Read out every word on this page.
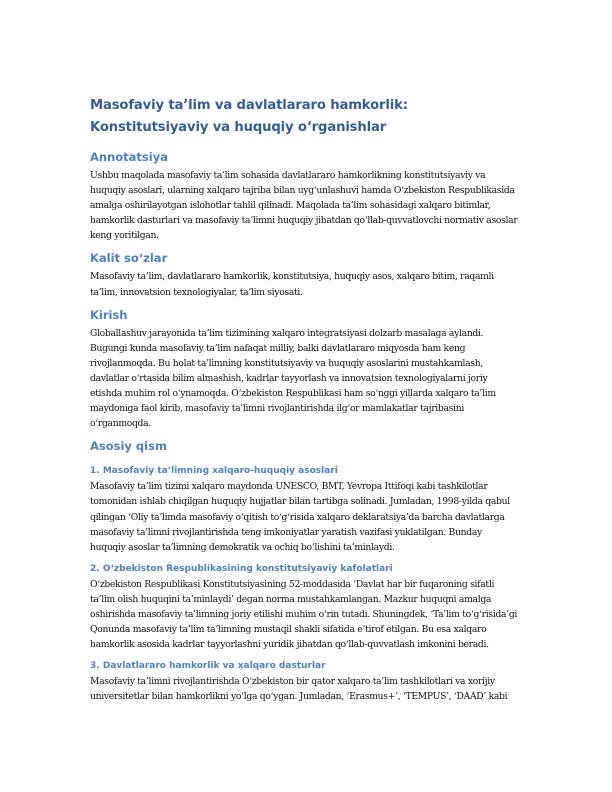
Masofaviy ta’lim va davlatlararo hamkorlik: Konstitutsiyaviy va huquqiy o‘rganishlar
Annotatsiya

Ushbu maqolada masofaviy ta’lim sohasida davlatlararo hamkorlikning konstitutsiyaviy va huquqiy asoslari, ularning xalqaro tajriba bilan uyg‘unlashuvi hamda O‘zbekiston Respublikasida amalga oshirilayotgan islohotlar tahlil qilinadi. Maqolada ta’lim sohasidagi xalqaro bitimlar, hamkorlik dasturlari va masofaviy ta’limni huquqiy jihatdan qo‘llab-quvvatlovchi normativ asoslar keng yoritilgan.

Kalit so‘zlar

Masofaviy ta’lim, davlatlararo hamkorlik, konstitutsiya, huquqiy asos, xalqaro bitim, raqamli ta’lim, innovatsion texnologiyalar, ta’lim siyosati.

Kirish

Globallashuv jarayonida ta’lim tizimining xalqaro integratsiyasi dolzarb masalaga aylandi. Bugungi kunda masofaviy ta’lim nafaqat milliy, balki davlatlararo miqyosda ham keng rivojlanmoqda. Bu holat ta’limning konstitutsiyaviy va huquqiy asoslarini mustahkamlash, davlatlar o‘rtasida bilim almashish, kadrlar tayyorlash va innovatsion texnologiyalarni joriy etishda muhim rol o‘ynamoqda. O‘zbekiston Respublikasi ham so‘nggi yillarda xalqaro ta’lim maydoniga faol kirib, masofaviy ta’limni rivojlantirishda ilg‘or mamlakatlar tajribasini o‘rganmoqda.

Asosiy qism
1. Masofaviy ta’limning xalqaro-huquqiy asoslari

Masofaviy ta’lim tizimi xalqaro maydonda UNESCO, BMT, Yevropa Ittifoqi kabi tashkilotlar tomonidan ishlab chiqilgan huquqiy hujjatlar bilan tartibga solinadi. Jumladan, 1998-yilda qabul qilingan ‘Oliy ta’limda masofaviy o‘qitish to‘g‘risida xalqaro deklaratsiya’da barcha davlatlarga masofaviy ta’limni rivojlantirishda teng imkoniyatlar yaratish vazifasi yuklatilgan. Bunday huquqiy asoslar ta’limning demokratik va ochiq bo‘lishini ta’minlaydi.

2. O‘zbekiston Respublikasining konstitutsiyaviy kafolatlari

O‘zbekiston Respublikasi Konstitutsiyasining 52-moddasida ‘Davlat har bir fuqaroning sifatli ta’lim olish huquqini ta’minlaydi’ degan norma mustahkamlangan. Mazkur huquqni amalga oshirishda masofaviy ta’limning joriy etilishi muhim o‘rin tutadi. Shuningdek, ‘Ta’lim to‘g‘risida’gi Qonunda masofaviy ta’lim ta’limning mustaqil shakli sifatida e’tirof etilgan. Bu esa xalqaro hamkorlik asosida kadrlar tayyorlashni yuridik jihatdan qo‘llab-quvvatlash imkonini beradi.

3. Davlatlararo hamkorlik va xalqaro dasturlar

Masofaviy ta’limni rivojlantirishda O‘zbekiston bir qator xalqaro ta’lim tashkilotlari va xorijiy universitetlar bilan hamkorlikni yo‘lga qo‘ygan. Jumladan, ‘Erasmus+’, ‘TEMPUS’, ‘DAAD’ kabi
